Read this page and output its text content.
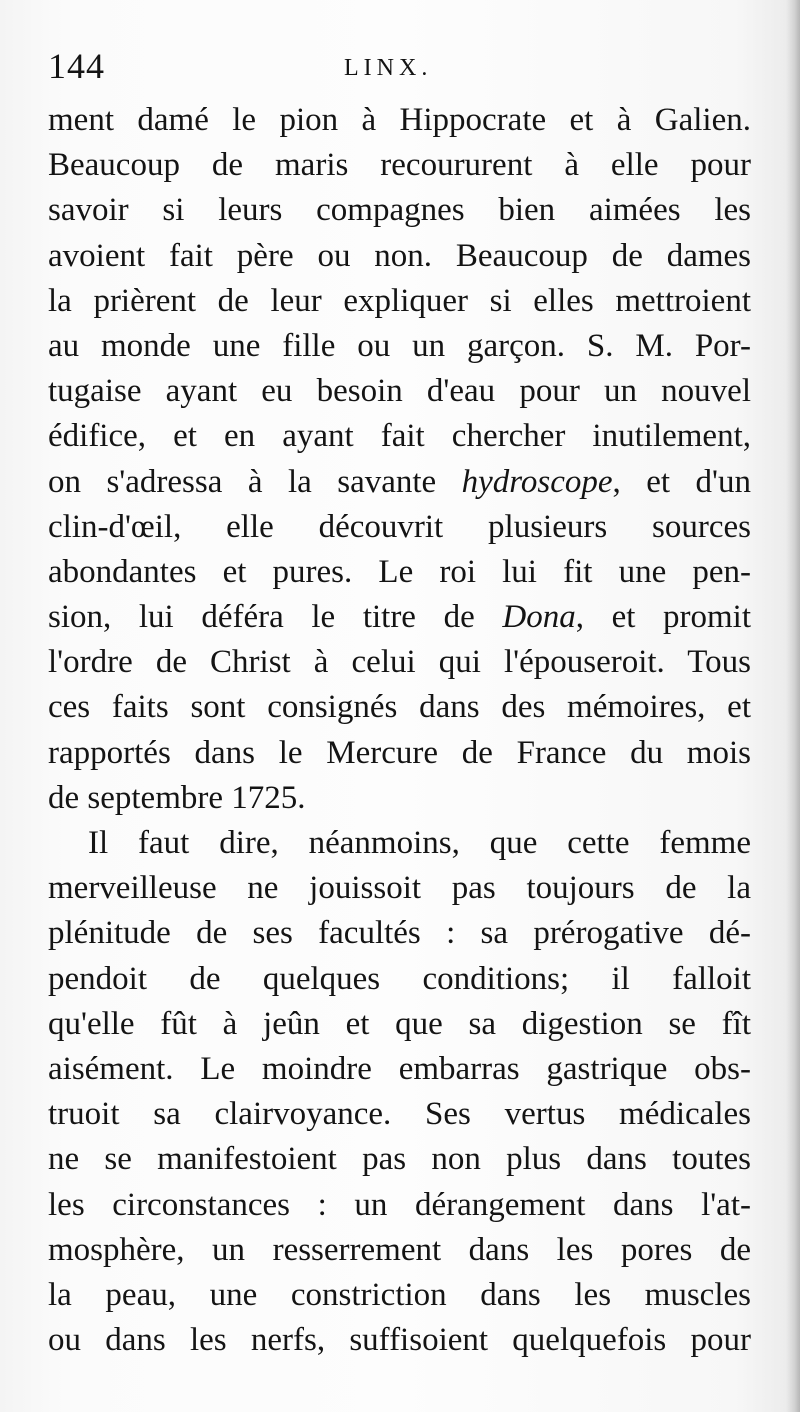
144	LINX.
ment damé le pion à Hippocrate et à Galien.
Beaucoup de maris recoururent à elle pour
savoir si leurs compagnes bien aimées les
avoient fait père ou non. Beaucoup de dames
la prièrent de leur expliquer si elles mettroient
au monde une fille ou un garçon. S. M. Por-
tugaise ayant eu besoin d'eau pour un nouvel
édifice, et en ayant fait chercher inutilement,
on s'adressa à la savante hydroscope, et d'un
clin-d'œil, elle découvrit plusieurs sources
abondantes et pures. Le roi lui fit une pen-
sion, lui déféra le titre de Dona, et promit
l'ordre de Christ à celui qui l'épouseroit. Tous
ces faits sont consignés dans des mémoires, et
rapportés dans le Mercure de France du mois
de septembre 1725.
Il faut dire, néanmoins, que cette femme
merveilleuse ne jouissoit pas toujours de la
plénitude de ses facultés : sa prérogative dé-
pendoit de quelques conditions; il falloit
qu'elle fût à jeûn et que sa digestion se fît
aisément. Le moindre embarras gastrique obs-
truoit sa clairvoyance. Ses vertus médicales
ne se manifestoient pas non plus dans toutes
les circonstances : un dérangement dans l'at-
mosphère, un resserrement dans les pores de
la peau, une constriction dans les muscles
ou dans les nerfs, suffisoient quelquefois pour
